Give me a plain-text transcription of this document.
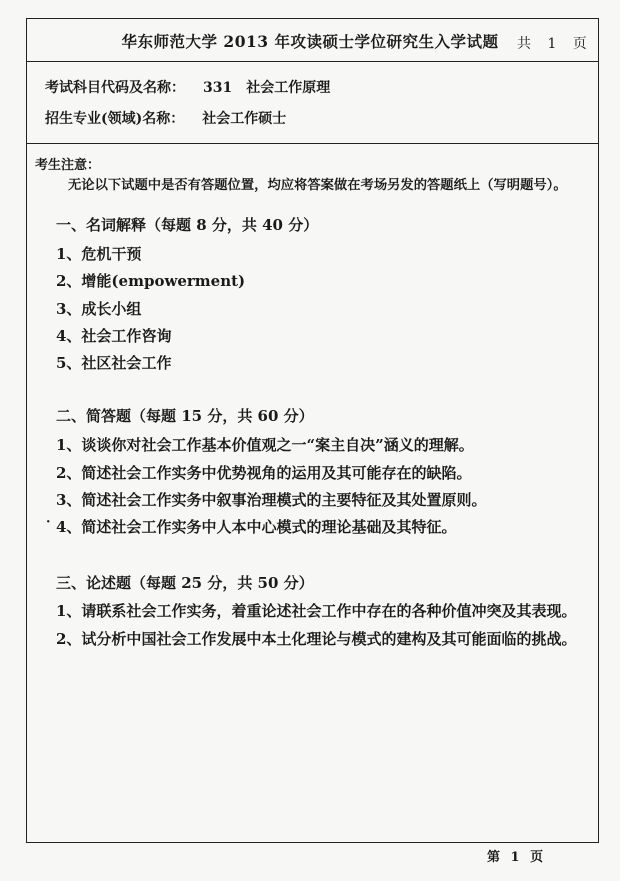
华东师范大学 2013 年攻读硕士学位研究生入学试题	共 1 页
考试科目代码及名称： 331　社会工作原理
招生专业(领域)名称： 社会工作硕士
考生注意：
无论以下试题中是否有答题位置，均应将答案做在考场另发的答题纸上（写明题号）。
一、名词解释（每题 8 分，共 40 分）
1、危机干预
2、增能(empowerment)
3、成长小组
4、社会工作咨询
5、社区社会工作
二、简答题（每题 15 分，共 60 分）
1、谈谈你对社会工作基本价值观之一“案主自决”涵义的理解。
2、简述社会工作实务中优势视角的运用及其可能存在的缺陷。
3、简述社会工作实务中叙事治理模式的主要特征及其处置原则。
· 4、简述社会工作实务中人本中心模式的理论基础及其特征。
三、论述题（每题 25 分，共 50 分）
1、请联系社会工作实务，着重论述社会工作中存在的各种价值冲突及其表现。
2、试分析中国社会工作发展中本土化理论与模式的建构及其可能面临的挑战。
第 1 页
